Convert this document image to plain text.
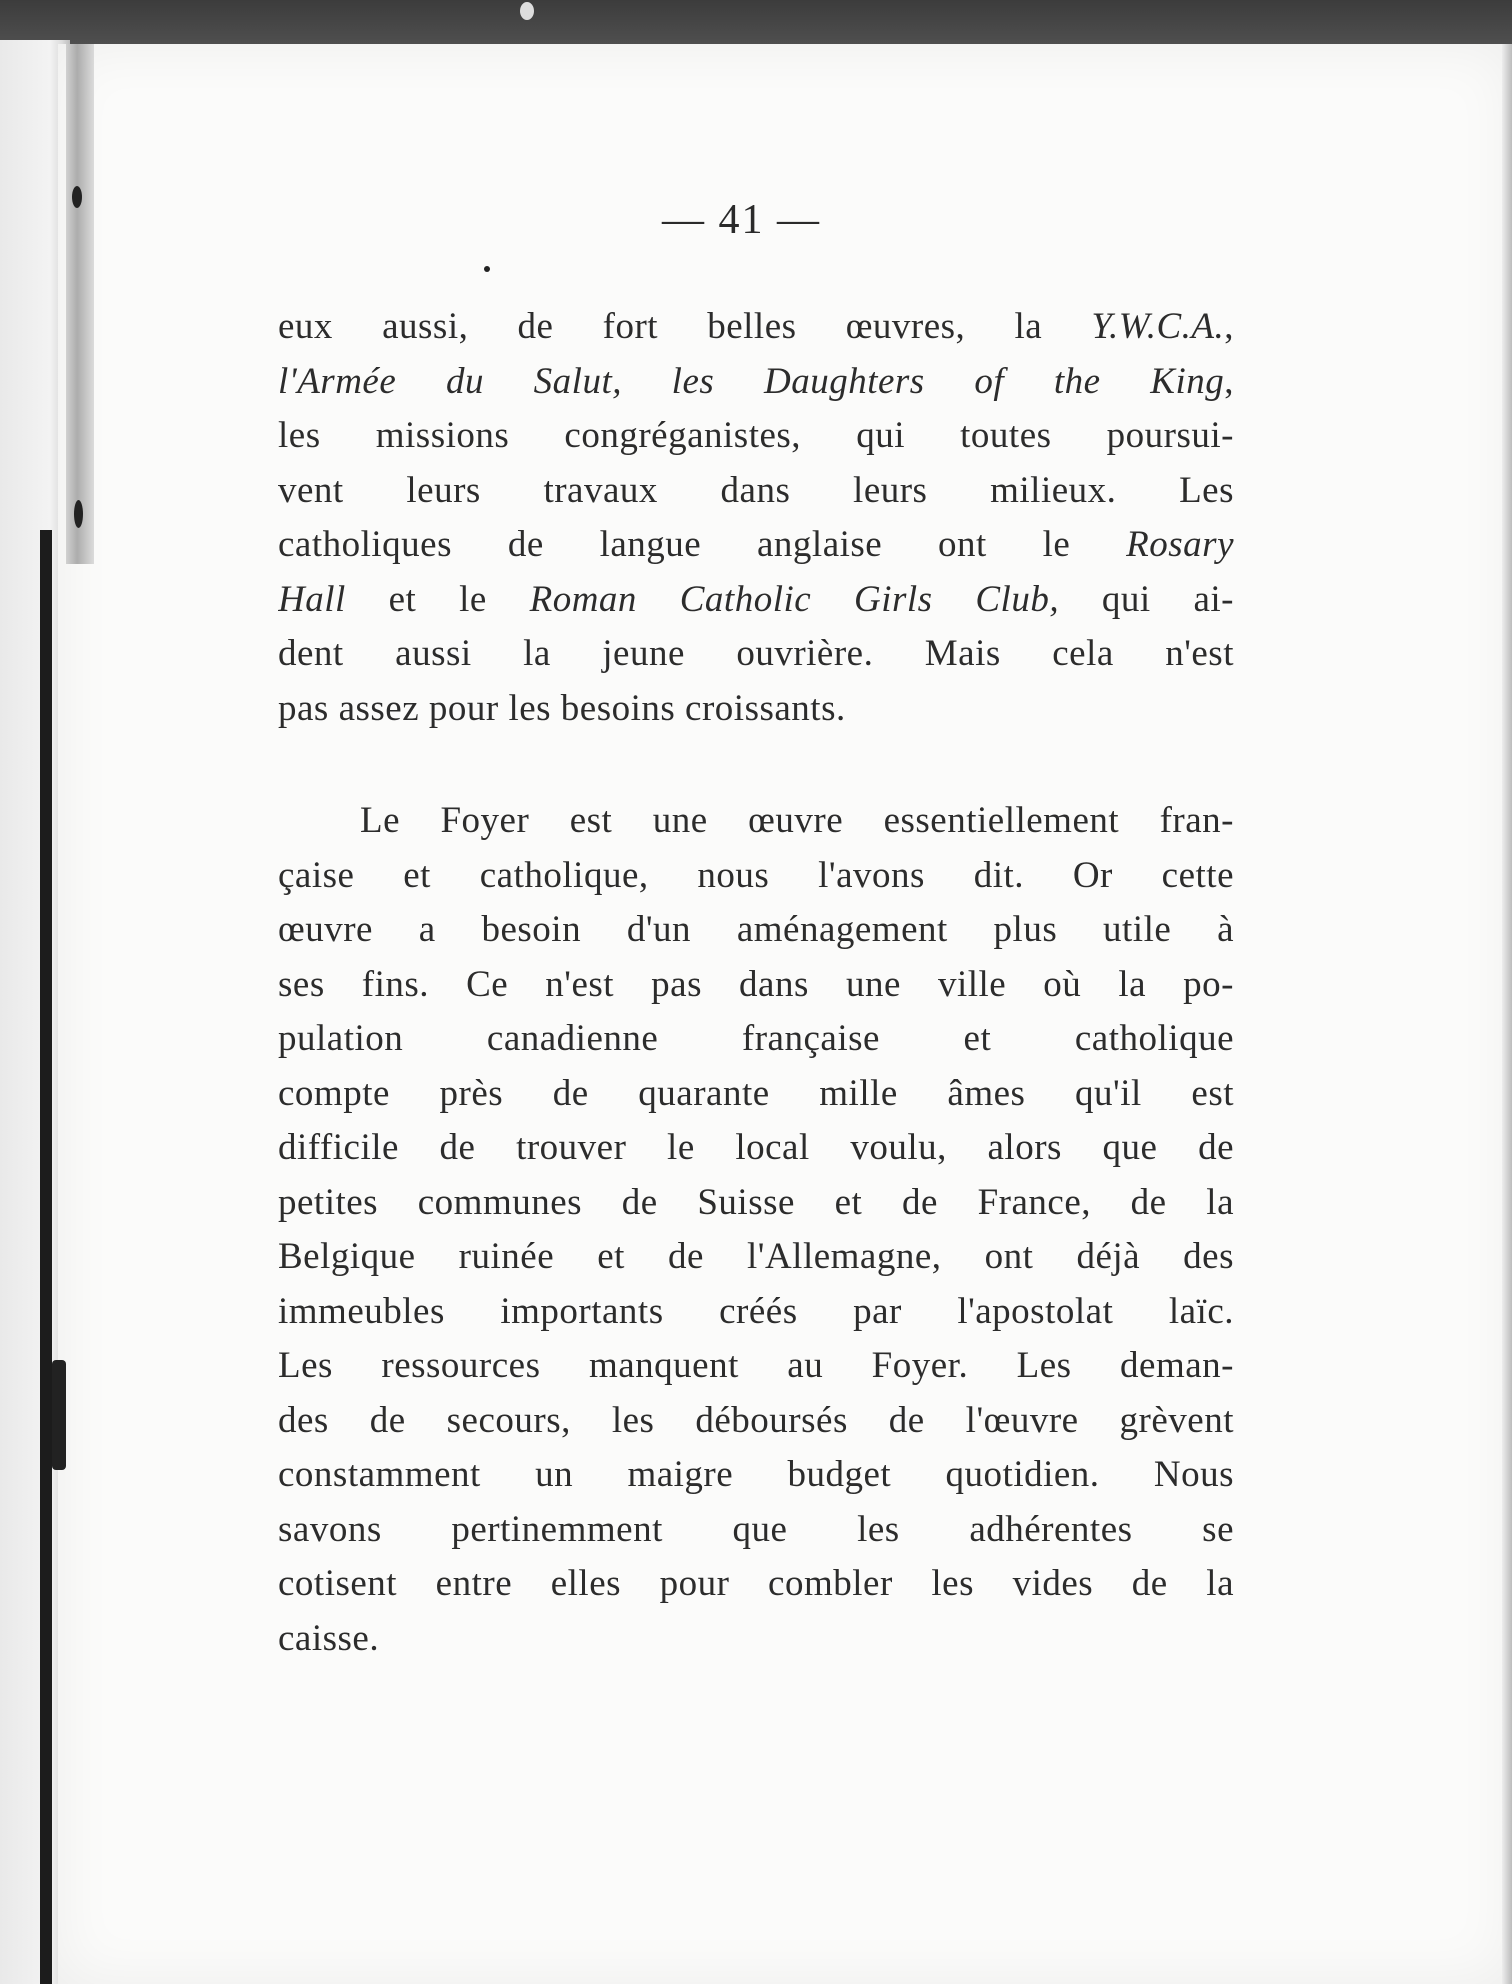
— 41 —
eux aussi, de fort belles œuvres, la Y.W.C.A.,
l'Armée du Salut, les Daughters of the King,
les missions congréganistes, qui toutes poursui-
vent leurs travaux dans leurs milieux. Les
catholiques de langue anglaise ont le Rosary
Hall et le Roman Catholic Girls Club, qui ai-
dent aussi la jeune ouvrière. Mais cela n'est
pas assez pour les besoins croissants.
Le Foyer est une œuvre essentiellement fran-
çaise et catholique, nous l'avons dit. Or cette
œuvre a besoin d'un aménagement plus utile à
ses fins. Ce n'est pas dans une ville où la po-
pulation canadienne française et catholique
compte près de quarante mille âmes qu'il est
difficile de trouver le local voulu, alors que de
petites communes de Suisse et de France, de la
Belgique ruinée et de l'Allemagne, ont déjà des
immeubles importants créés par l'apostolat laïc.
Les ressources manquent au Foyer. Les deman-
des de secours, les déboursés de l'œuvre grèvent
constamment un maigre budget quotidien. Nous
savons pertinemment que les adhérentes se
cotisent entre elles pour combler les vides de la
caisse.
